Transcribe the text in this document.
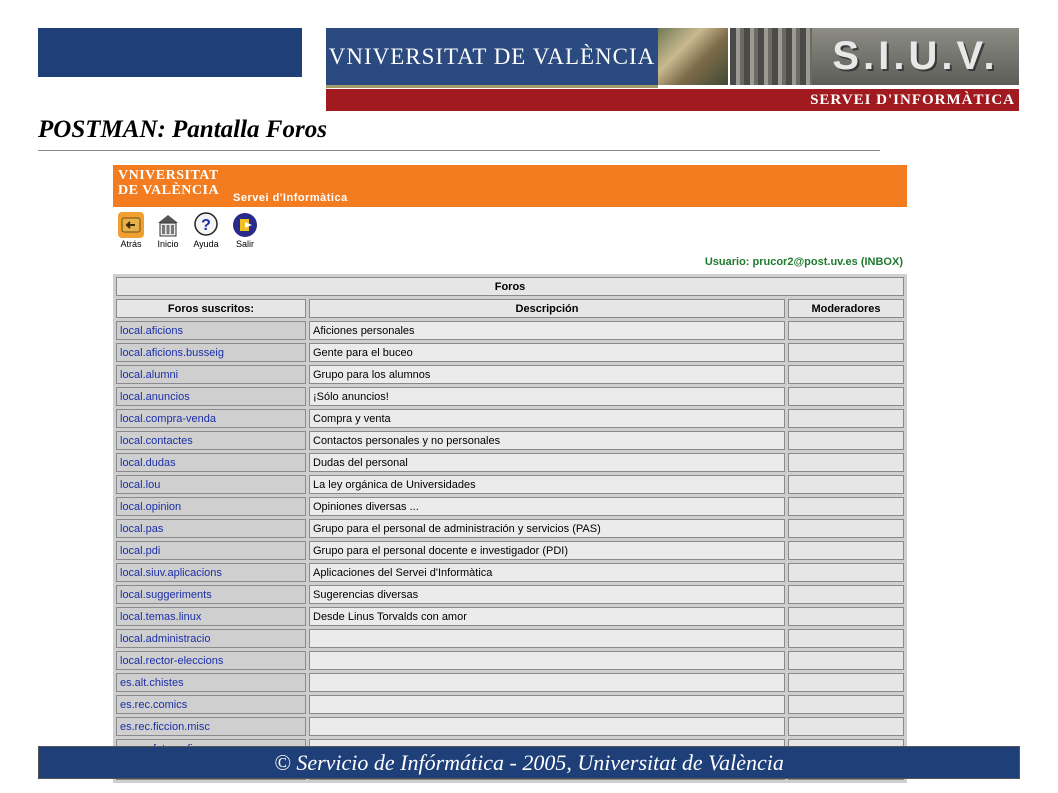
VNIVERSITAT DE VALÈNCIA	S.I.U.V.
SERVEI D'INFORMÀTICA
POSTMAN: Pantalla Foros
VNIVERSITAT
DE VALÈNCIA Servei d'Informàtica
Atrás	Inicio
?
Ayuda	Salir
Usuario: prucor2@post.uv.es (INBOX)
Foros		
Foros suscritos:	Descripción	Moderadores
local.aficions	Aficiones personales	
local.aficions.busseig	Gente para el buceo	
local.alumni	Grupo para los alumnos	
local.anuncios	¡Sólo anuncios!	
local.compra-venda	Compra y venta	
local.contactes	Contactos personales y no personales	
local.dudas	Dudas del personal	
local.lou	La ley orgánica de Universidades	
local.opinion	Opiniones diversas ...	
local.pas	Grupo para el personal de administración y servicios (PAS)	
local.pdi	Grupo para el personal docente e investigador (PDI)	
local.siuv.aplicacions	Aplicaciones del Servei d'Informàtica	
local.suggeriments	Sugerencias diversas	
local.temas.linux	Desde Linus Torvalds con amor	
local.administracio		
local.rector-eleccions		
es.alt.chistes		
es.rec.comics		
es.rec.ficcion.misc		

© Servicio de Infórmática - 2005, Universitat de València
